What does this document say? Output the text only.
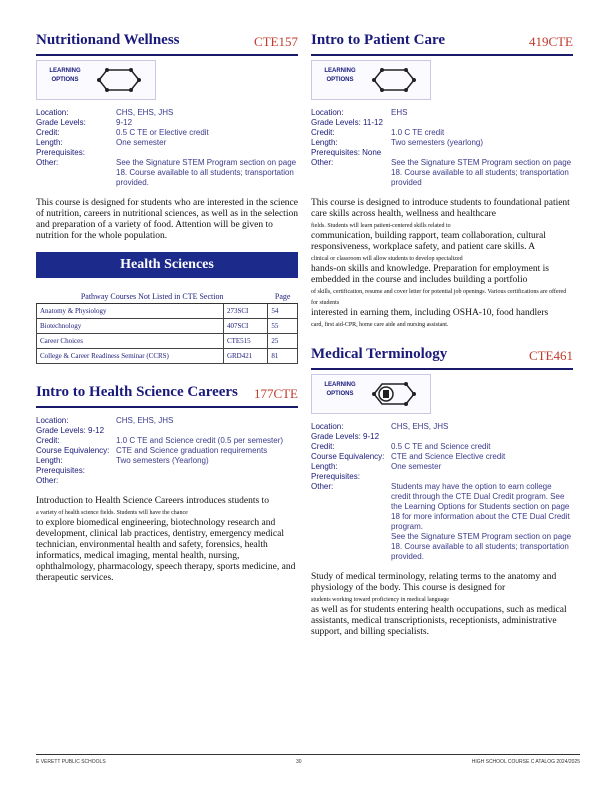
Nutritionand Wellness	CTE157
LEARNING OPTIONS
Location:	CHS, EHS, JHS
Grade Levels:	9-12
Credit:	0.5 C TE or Elective credit
Length:	One semester
Prerequisites:
Other:	See the Signature STEM Program section on page 18. Course available to all students; transportation provided.

This course is designed for students who are interested in the science of nutrition, careers in nutritional sciences, as well as in the selection and preparation of a variety of food. Attention will be given to nutrition for the whole population.

Health Sciences
Pathway Courses Not Listed in CTE Section		Page
Anatomy & Physiology	273SCI	54
Biotechnology	407SCI	55
Career Choices	CTE515	25
College & Career Readiness Seminar (CCRS)	GRD421	81
Intro to Health Science Careers 177CTE
Location:	CHS, EHS, JHS
Grade Levels: 9-12
Credit:	1.0 C TE and Science credit (0.5 per semester)
Course Equivalency: CTE and Science graduation requirements
Length:	Two semesters (Yearlong)
Prerequisites:
Other:

Introduction to Health Science Careers introduces students to
a variety of health science fields. Students will have the chance
to explore biomedical engineering, biotechnology research and development, clinical lab practices, dentistry, emergency medical technician, environmental health and safety, forensics, health informatics, medical imaging, mental health, nursing, ophthalmology, pharmacology, speech therapy, sports medicine, and therapeutic services.

Intro to Patient Care	419CTE
LEARNING OPTIONS
Location:	EHS
Grade Levels: 11-12
Credit:	1.0 C TE credit
Length:	Two semesters (yearlong)
Prerequisites: None
Other:	See the Signature STEM Program section on page 18. Course available to all students; transportation provided

This course is designed to introduce students to foundational patient care skills across health, wellness and healthcare
fields. Students will learn patient-centered skills related to
communication, building rapport, team collaboration, cultural responsiveness, workplace safety, and patient care skills. A
clinical or classroom will allow students to develop specialized
hands-on skills and knowledge. Preparation for employment is embedded in the course and includes building a portfolio
of skills, certification, resume and cover letter for potential job openings. Various certifications are offered for students
interested in earning them, including OSHA-10, food handlers
card, first aid-CPR, home care aide and nursing assistant.

Medical Terminology	CTE461
LEARNING OPTIONS
Location:	CHS, EHS, JHS
Grade Levels: 9-12
Credit:	0.5 C TE and Science credit
Course Equivalency: CTE and Science Elective credit
Length:	One semester
Prerequisites:
Other:	Students may have the option to earn college credit through the CTE Dual Credit program. See the Learning Options for Students section on page 18 for more information about the CTE Dual Credit program.
See the Signature STEM Program section on page 18. Course available to all students; transportation provided.

Study of medical terminology, relating terms to the anatomy and physiology of the body. This course is designed for
students working toward proficiency in medical language
as well as for students entering health occupations, such as medical assistants, medical transcriptionists, receptionists, administrative support, and billing specialists.

E VERETT PUBLIC SCHOOLS	30	HIGH SCHOOL COURSE C ATALOG 2024/2025
